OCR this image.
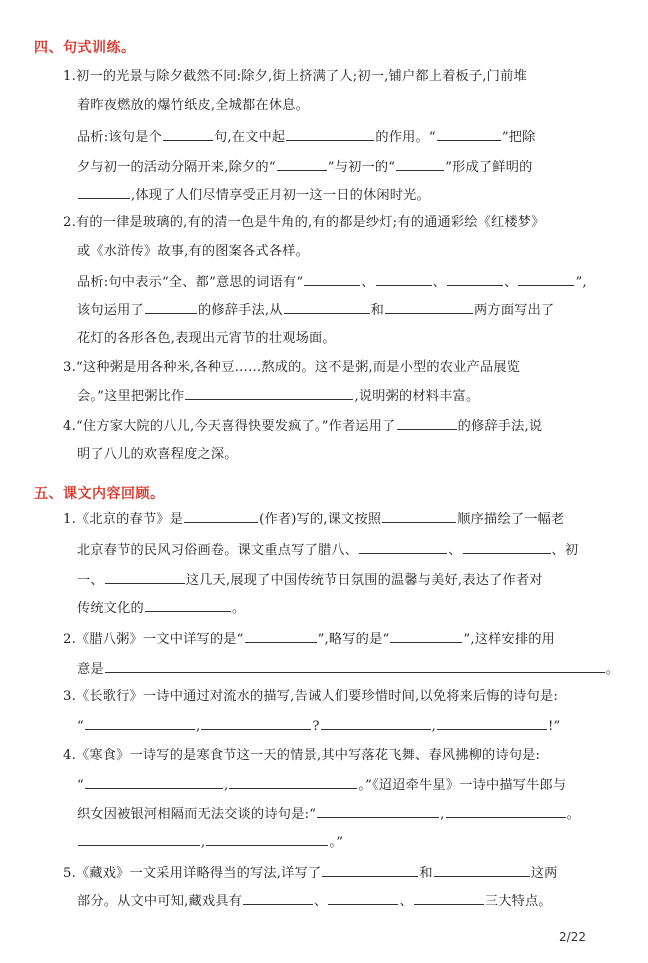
四、句式训练。
1.初一的光景与除夕截然不同:除夕,街上挤满了人;初一,铺户都上着板子,门前堆
着昨夜燃放的爆竹纸皮,全城都在休息。
品析:该句是个	句,在文中起	的作用。“	”把除
夕与初一的活动分隔开来,除夕的“	”与初一的“	”形成了鲜明的
,体现了人们尽情享受正月初一这一日的休闲时光。
2.有的一律是玻璃的,有的清一色是牛角的,有的都是纱灯;有的通通彩绘《红楼梦》
或《水浒传》故事,有的图案各式各样。
品析:句中表示“全、都”意思的词语有“	、	、	、	”,
该句运用了	的修辞手法,从	和	两方面写出了
花灯的各形各色,表现出元宵节的壮观场面。
3.“这种粥是用各种米,各种豆……熬成的。这不是粥,而是小型的农业产品展览
会。”这里把粥比作	,说明粥的材料丰富。
4.“住方家大院的八儿,今天喜得快要发疯了。”作者运用了	的修辞手法,说
明了八儿的欢喜程度之深。
五、课文内容回顾。
1.《北京的春节》是	(作者)写的,课文按照	顺序描绘了一幅老
北京春节的民风习俗画卷。课文重点写了腊八、	、	、初
一、	这几天,展现了中国传统节日氛围的温馨与美好,表达了作者对
传统文化的	。
2.《腊八粥》一文中详写的是“	”,略写的是“	”,这样安排的用
意是	。
3.《长歌行》一诗中通过对流水的描写,告诫人们要珍惜时间,以免将来后悔的诗句是:
“	,	?	,	!”
4.《寒食》一诗写的是寒食节这一天的情景,其中写落花飞舞、春风拂柳的诗句是:
“	,	。”《迢迢牵牛星》一诗中描写牛郎与
织女因被银河相隔而无法交谈的诗句是:“	,	。
,	。”
5.《藏戏》一文采用详略得当的写法,详写了	和	这两
部分。从文中可知,藏戏具有	、	、	三大特点。
2/22
